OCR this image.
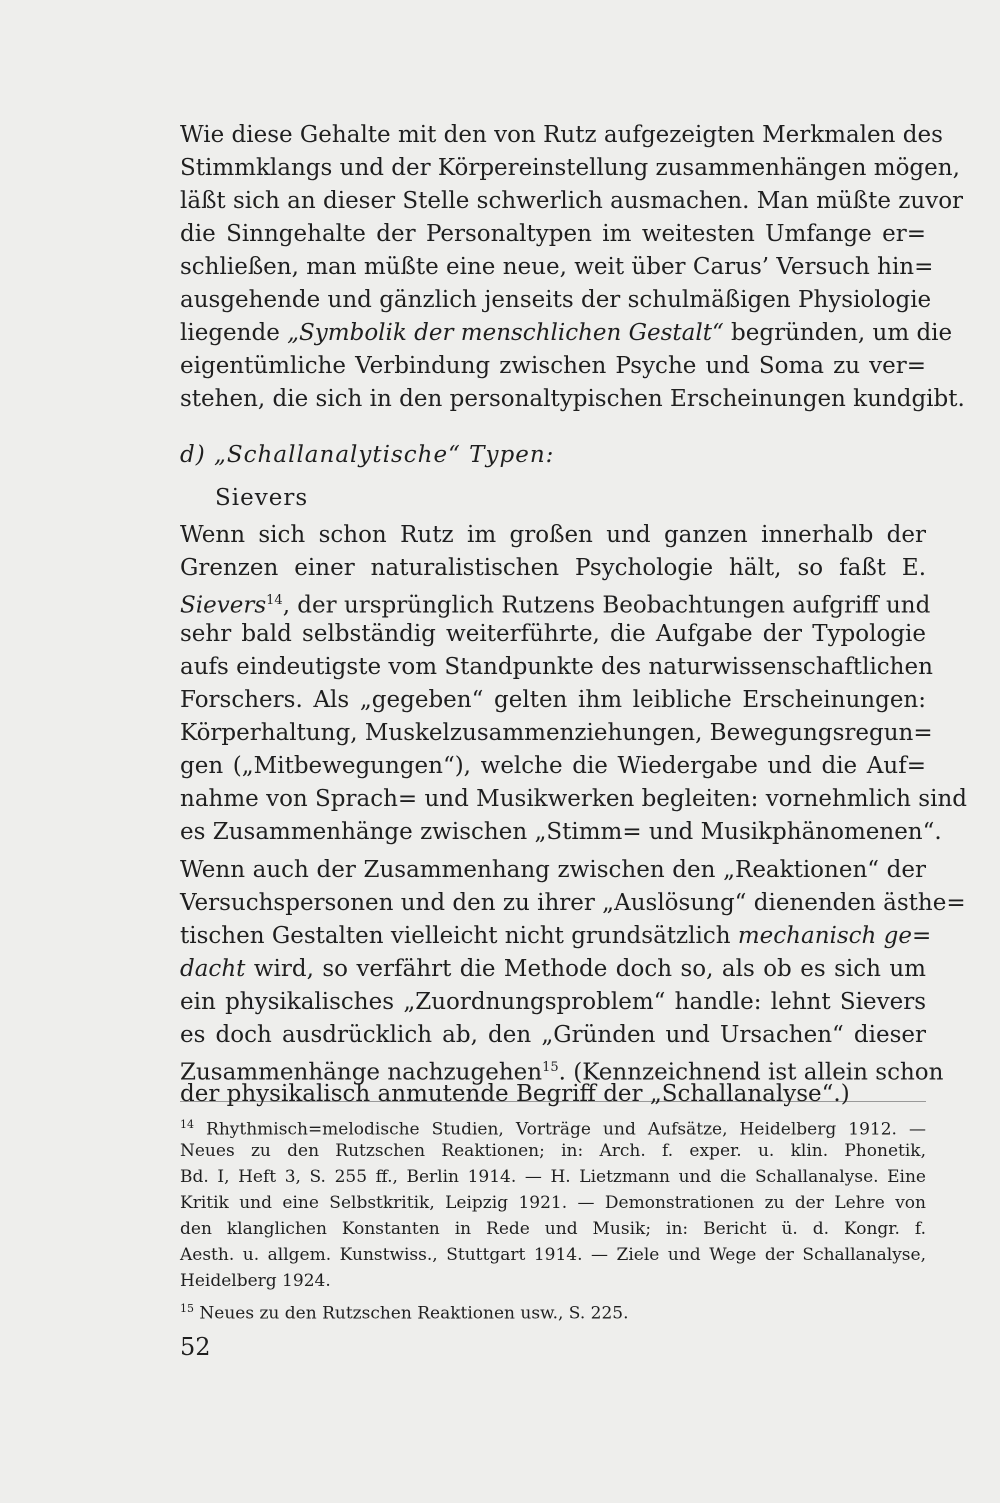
Wie diese Gehalte mit den von Rutz aufgezeigten Merkmalen des
Stimmklangs und der Körpereinstellung zusammenhängen mögen,
läßt sich an dieser Stelle schwerlich ausmachen. Man müßte zuvor
die Sinngehalte der Personaltypen im weitesten Umfange er=
schließen, man müßte eine neue, weit über Carus’ Versuch hin=
ausgehende und gänzlich jenseits der schulmäßigen Physiologie
liegende „Symbolik der menschlichen Gestalt“ begründen, um die
eigentümliche Verbindung zwischen Psyche und Soma zu ver=
stehen, die sich in den personaltypischen Erscheinungen kundgibt.
d) „Schallanalytische“ Typen:
Sievers
Wenn sich schon Rutz im großen und ganzen innerhalb der
Grenzen einer naturalistischen Psychologie hält, so faßt E.
Sievers$^{14}$, der ursprünglich Rutzens Beobachtungen aufgriff und
sehr bald selbständig weiterführte, die Aufgabe der Typologie
aufs eindeutigste vom Standpunkte des naturwissenschaftlichen
Forschers. Als „gegeben“ gelten ihm leibliche Erscheinungen:
Körperhaltung, Muskelzusammenziehungen, Bewegungsregun=
gen („Mitbewegungen“), welche die Wiedergabe und die Auf=
nahme von Sprach= und Musikwerken begleiten: vornehmlich sind
es Zusammenhänge zwischen „Stimm= und Musikphänomenen“.
Wenn auch der Zusammenhang zwischen den „Reaktionen“ der
Versuchspersonen und den zu ihrer „Auslösung“ dienenden ästhe=
tischen Gestalten vielleicht nicht grundsätzlich mechanisch ge=
dacht wird, so verfährt die Methode doch so, als ob es sich um
ein physikalisches „Zuordnungsproblem“ handle: lehnt Sievers
es doch ausdrücklich ab, den „Gründen und Ursachen“ dieser
Zusammenhänge nachzugehen$^{15}$. (Kennzeichnend ist allein schon
$^{14}$ Rhythmisch=melodische Studien, Vorträge und Aufsätze, Heidelberg 1912. —
Neues zu den Rutzschen Reaktionen; in: Arch. f. exper. u. klin. Phonetik,
Bd. I, Heft 3, S. 255 ff., Berlin 1914. — H. Lietzmann und die Schallanalyse. Eine
Kritik und eine Selbstkritik, Leipzig 1921. — Demonstrationen zu der Lehre von
den klanglichen Konstanten in Rede und Musik; in: Bericht ü. d. Kongr. f.
Aesth. u. allgem. Kunstwiss., Stuttgart 1914. — Ziele und Wege der Schallanalyse,
Heidelberg 1924.
$^{15}$ Neues zu den Rutzschen Reaktionen usw., S. 225.
52
der physikalisch anmutende Begriff der „Schallanalyse“.)
